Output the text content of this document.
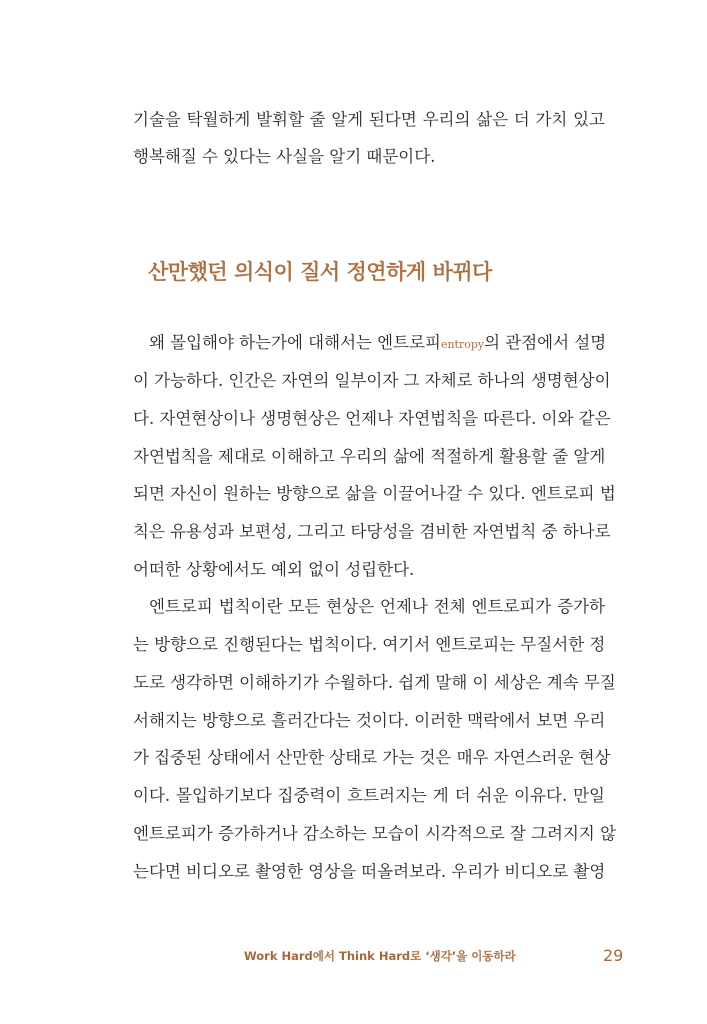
기술을 탁월하게 발휘할 줄 알게 된다면 우리의 삶은 더 가치 있고
행복해질 수 있다는 사실을 알기 때문이다.
산만했던 의식이 질서 정연하게 바뀌다
왜 몰입해야 하는가에 대해서는 엔트로피entropy의 관점에서 설명
이 가능하다. 인간은 자연의 일부이자 그 자체로 하나의 생명현상이
다. 자연현상이나 생명현상은 언제나 자연법칙을 따른다. 이와 같은
자연법칙을 제대로 이해하고 우리의 삶에 적절하게 활용할 줄 알게
되면 자신이 원하는 방향으로 삶을 이끌어나갈 수 있다. 엔트로피 법
칙은 유용성과 보편성, 그리고 타당성을 겸비한 자연법칙 중 하나로
어떠한 상황에서도 예외 없이 성립한다.
엔트로피 법칙이란 모든 현상은 언제나 전체 엔트로피가 증가하
는 방향으로 진행된다는 법칙이다. 여기서 엔트로피는 무질서한 정
도로 생각하면 이해하기가 수월하다. 쉽게 말해 이 세상은 계속 무질
서해지는 방향으로 흘러간다는 것이다. 이러한 맥락에서 보면 우리
가 집중된 상태에서 산만한 상태로 가는 것은 매우 자연스러운 현상
이다. 몰입하기보다 집중력이 흐트러지는 게 더 쉬운 이유다. 만일
엔트로피가 증가하거나 감소하는 모습이 시각적으로 잘 그려지지 않
는다면 비디오로 촬영한 영상을 떠올려보라. 우리가 비디오로 촬영
Work Hard에서 Think Hard로 ‘생각’을 이동하라	29
